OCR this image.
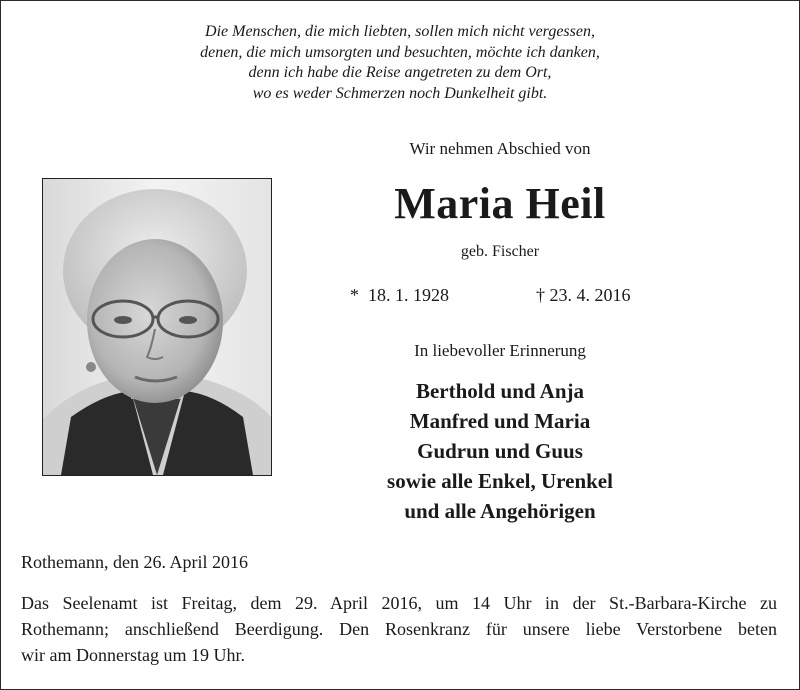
Die Menschen, die mich liebten, sollen mich nicht vergessen,
denen, die mich umsorgten und besuchten, möchte ich danken,
denn ich habe die Reise angetreten zu dem Ort,
wo es weder Schmerzen noch Dunkelheit gibt.
Wir nehmen Abschied von
Maria Heil
geb. Fischer
* 18. 1. 1928	† 23. 4. 2016
In liebevoller Erinnerung
Berthold und Anja
Manfred und Maria
Gudrun und Guus
sowie alle Enkel, Urenkel
und alle Angehörigen
Rothemann, den 26. April 2016
Das Seelenamt ist Freitag, dem 29. April 2016, um 14 Uhr in der St.-Barbara-Kirche zu
Rothemann; anschließend Beerdigung. Den Rosenkranz für unsere liebe Verstorbene beten
wir am Donnerstag um 19 Uhr.
